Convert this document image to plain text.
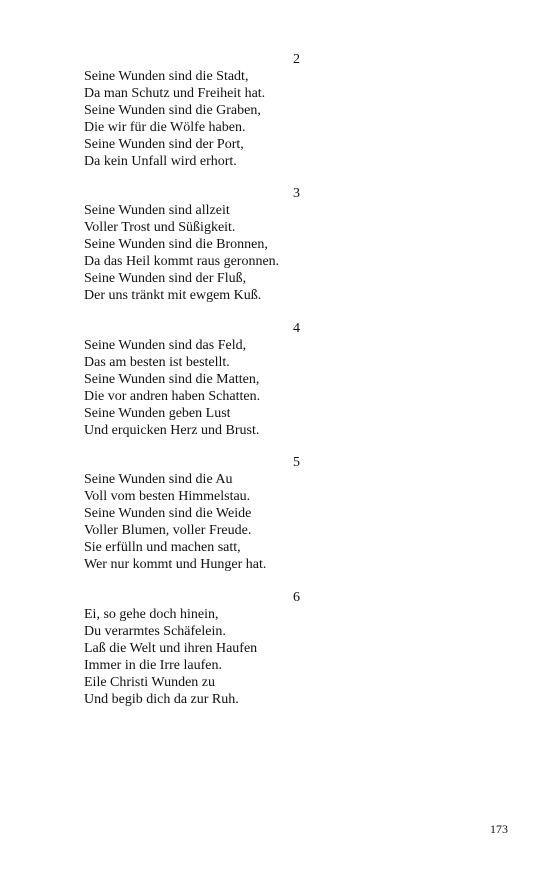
2
Seine Wunden sind die Stadt,
Da man Schutz und Freiheit hat.
Seine Wunden sind die Graben,
Die wir für die Wölfe haben.
Seine Wunden sind der Port,
Da kein Unfall wird erhort.
3
Seine Wunden sind allzeit
Voller Trost und Süßigkeit.
Seine Wunden sind die Bronnen,
Da das Heil kommt raus geronnen.
Seine Wunden sind der Fluß,
Der uns tränkt mit ewgem Kuß.
4
Seine Wunden sind das Feld,
Das am besten ist bestellt.
Seine Wunden sind die Matten,
Die vor andren haben Schatten.
Seine Wunden geben Lust
Und erquicken Herz und Brust.
5
Seine Wunden sind die Au
Voll vom besten Himmelstau.
Seine Wunden sind die Weide
Voller Blumen, voller Freude.
Sie erfülln und machen satt,
Wer nur kommt und Hunger hat.
6
Ei, so gehe doch hinein,
Du verarmtes Schäfelein.
Laß die Welt und ihren Haufen
Immer in die Irre laufen.
Eile Christi Wunden zu
Und begib dich da zur Ruh.
173
